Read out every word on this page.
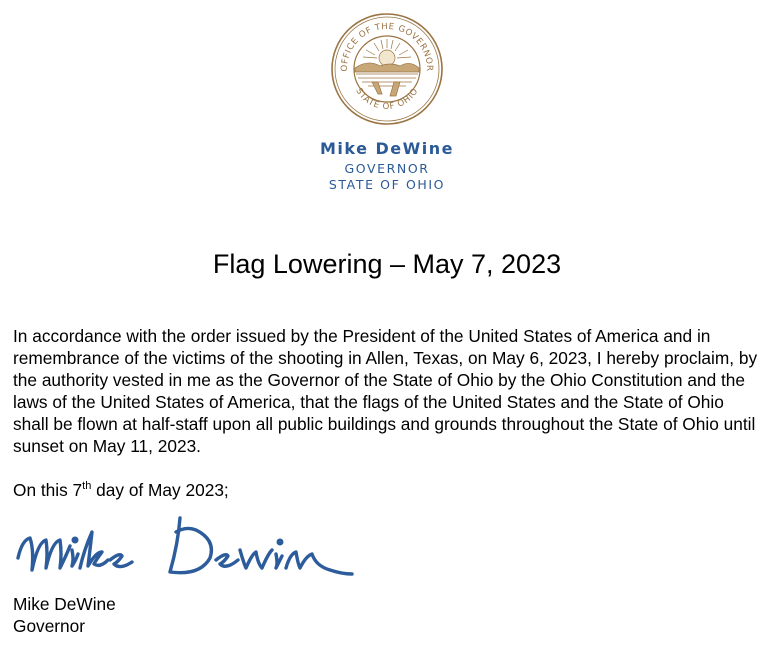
OFFICE OF THE GOVERNOR
STATE OF OHIO
Mike DeWine
GOVERNOR
STATE OF OHIO
Flag Lowering – May 7, 2023

In accordance with the order issued by the President of the United States of America and in remembrance of the victims of the shooting in Allen, Texas, on May 6, 2023, I hereby proclaim, by the authority vested in me as the Governor of the State of Ohio by the Ohio Constitution and the laws of the United States of America, that the flags of the United States and the State of Ohio shall be flown at half-staff upon all public buildings and grounds throughout the State of Ohio until sunset on May 11, 2023.

On this 7th day of May 2023;
Mike DeWine
Governor
